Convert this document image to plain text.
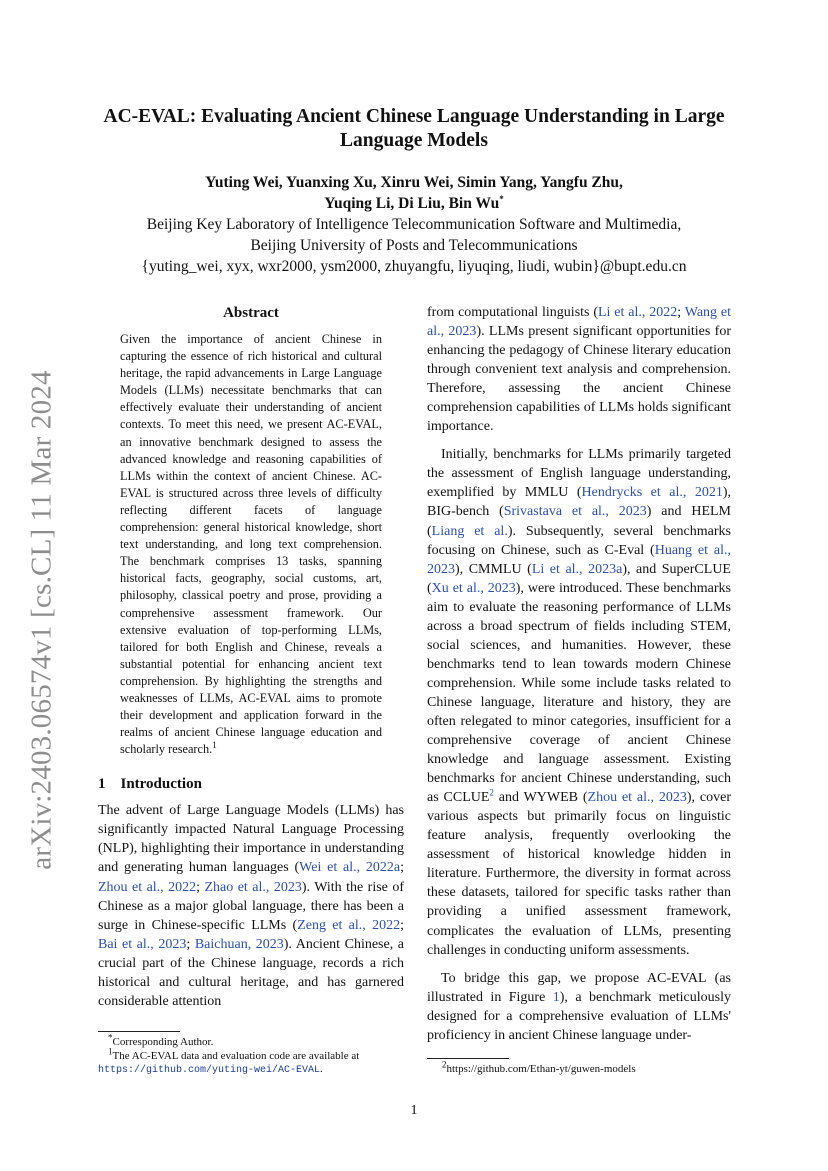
arXiv:2403.06574v1 [cs.CL] 11 Mar 2024
AC-EVAL: Evaluating Ancient Chinese Language Understanding in Large
Language Models
Yuting Wei, Yuanxing Xu, Xinru Wei, Simin Yang, Yangfu Zhu,
Yuqing Li, Di Liu, Bin Wu*
Beijing Key Laboratory of Intelligence Telecommunication Software and Multimedia,
Beijing University of Posts and Telecommunications
{yuting_wei, xyx, wxr2000, ysm2000, zhuyangfu, liyuqing, liudi, wubin}@bupt.edu.cn
Abstract
Given the importance of ancient Chinese in capturing the essence of rich historical and cultural heritage, the rapid advancements in Large Language Models (LLMs) necessitate benchmarks that can effectively evaluate their understanding of ancient contexts. To meet this need, we present AC-EVAL, an innovative benchmark designed to assess the advanced knowledge and reasoning capabilities of LLMs within the context of ancient Chinese. AC-EVAL is structured across three levels of difficulty reflecting different facets of language comprehension: general historical knowledge, short text understanding, and long text comprehension. The benchmark comprises 13 tasks, spanning historical facts, geography, social customs, art, philosophy, classical poetry and prose, providing a comprehensive assessment framework. Our extensive evaluation of top-performing LLMs, tailored for both English and Chinese, reveals a substantial potential for enhancing ancient text comprehension. By highlighting the strengths and weaknesses of LLMs, AC-EVAL aims to promote their development and application forward in the realms of ancient Chinese language education and scholarly research.$^1$
1 Introduction

The advent of Large Language Models (LLMs) has significantly impacted Natural Language Processing (NLP), highlighting their importance in understanding and generating human languages (Wei et al., 2022a; Zhou et al., 2022; Zhao et al., 2023). With the rise of Chinese as a major global language, there has been a surge in Chinese-specific LLMs (Zeng et al., 2022; Bai et al., 2023; Baichuan, 2023). Ancient Chinese, a crucial part of the Chinese language, records a rich historical and cultural heritage, and has garnered considerable attention

*Corresponding Author.
$^1$The AC-EVAL data and evaluation code are available at
https://github.com/yuting-wei/AC-EVAL.

from computational linguists (Li et al., 2022; Wang et al., 2023). LLMs present significant opportunities for enhancing the pedagogy of Chinese literary education through convenient text analysis and comprehension. Therefore, assessing the ancient Chinese comprehension capabilities of LLMs holds significant importance.

Initially, benchmarks for LLMs primarily targeted the assessment of English language understanding, exemplified by MMLU (Hendrycks et al., 2021), BIG-bench (Srivastava et al., 2023) and HELM (Liang et al.). Subsequently, several benchmarks focusing on Chinese, such as C-Eval (Huang et al., 2023), CMMLU (Li et al., 2023a), and SuperCLUE (Xu et al., 2023), were introduced. These benchmarks aim to evaluate the reasoning performance of LLMs across a broad spectrum of fields including STEM, social sciences, and humanities. However, these benchmarks tend to lean towards modern Chinese comprehension. While some include tasks related to Chinese language, literature and history, they are often relegated to minor categories, insufficient for a comprehensive coverage of ancient Chinese knowledge and language assessment. Existing benchmarks for ancient Chinese understanding, such as CCLUE$^2$ and WYWEB (Zhou et al., 2023), cover various aspects but primarily focus on linguistic feature analysis, frequently overlooking the assessment of historical knowledge hidden in literature. Furthermore, the diversity in format across these datasets, tailored for specific tasks rather than providing a unified assessment framework, complicates the evaluation of LLMs, presenting challenges in conducting uniform assessments.

To bridge this gap, we propose AC-EVAL (as illustrated in Figure 1), a benchmark meticulously designed for a comprehensive evaluation of LLMs' proficiency in ancient Chinese language under-

$^2$https://github.com/Ethan-yt/guwen-models
1
